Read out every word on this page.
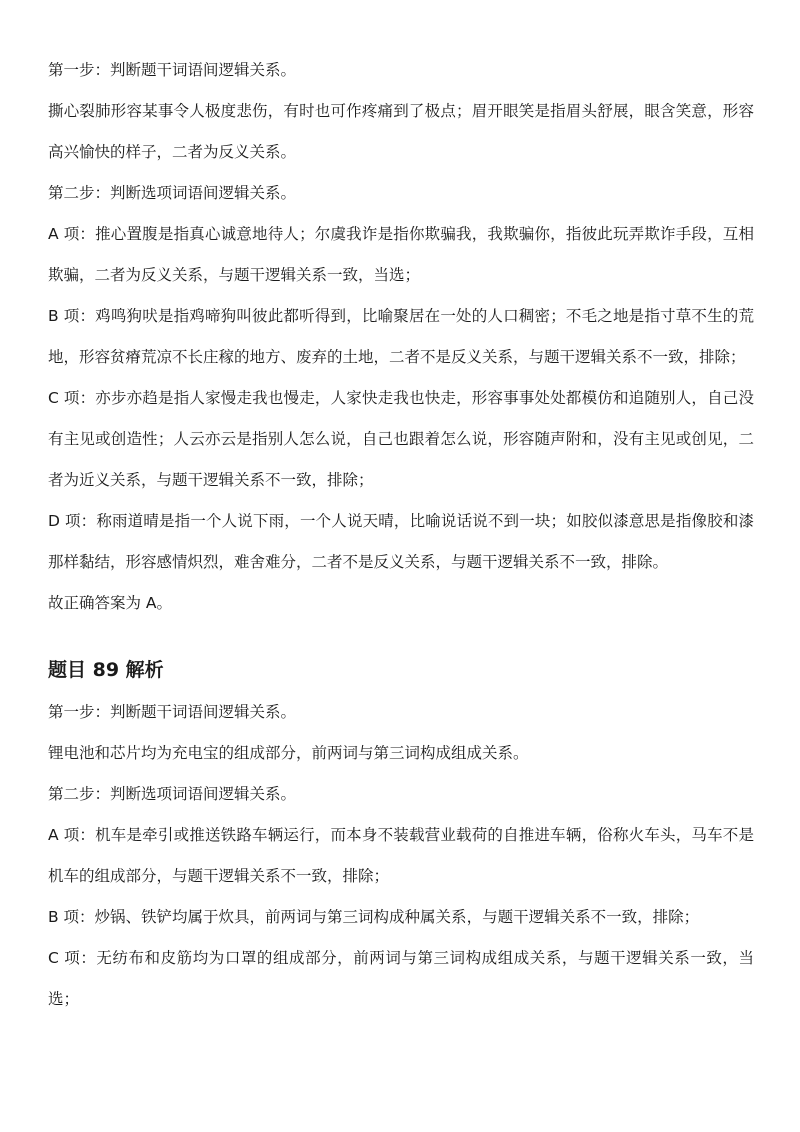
第一步：判断题干词语间逻辑关系。

撕心裂肺形容某事令人极度悲伤，有时也可作疼痛到了极点；眉开眼笑是指眉头舒展，眼含笑意，形容高兴愉快的样子，二者为反义关系。

第二步：判断选项词语间逻辑关系。

A 项：推心置腹是指真心诚意地待人；尔虞我诈是指你欺骗我，我欺骗你，指彼此玩弄欺诈手段，互相欺骗，二者为反义关系，与题干逻辑关系一致，当选；

B 项：鸡鸣狗吠是指鸡啼狗叫彼此都听得到，比喻聚居在一处的人口稠密；不毛之地是指寸草不生的荒地，形容贫瘠荒凉不长庄稼的地方、废弃的土地，二者不是反义关系，与题干逻辑关系不一致，排除；

C 项：亦步亦趋是指人家慢走我也慢走，人家快走我也快走，形容事事处处都模仿和追随别人，自己没有主见或创造性；人云亦云是指别人怎么说，自己也跟着怎么说，形容随声附和，没有主见或创见，二者为近义关系，与题干逻辑关系不一致，排除；

D 项：称雨道晴是指一个人说下雨，一个人说天晴，比喻说话说不到一块；如胶似漆意思是指像胶和漆那样黏结，形容感情炽烈，难舍难分，二者不是反义关系，与题干逻辑关系不一致，排除。

故正确答案为 A。

题目 89 解析

第一步：判断题干词语间逻辑关系。

锂电池和芯片均为充电宝的组成部分，前两词与第三词构成组成关系。

第二步：判断选项词语间逻辑关系。

A 项：机车是牵引或推送铁路车辆运行，而本身不装载营业载荷的自推进车辆，俗称火车头，马车不是机车的组成部分，与题干逻辑关系不一致，排除；

B 项：炒锅、铁铲均属于炊具，前两词与第三词构成种属关系，与题干逻辑关系不一致，排除；

C 项：无纺布和皮筋均为口罩的组成部分，前两词与第三词构成组成关系，与题干逻辑关系一致，当选；
